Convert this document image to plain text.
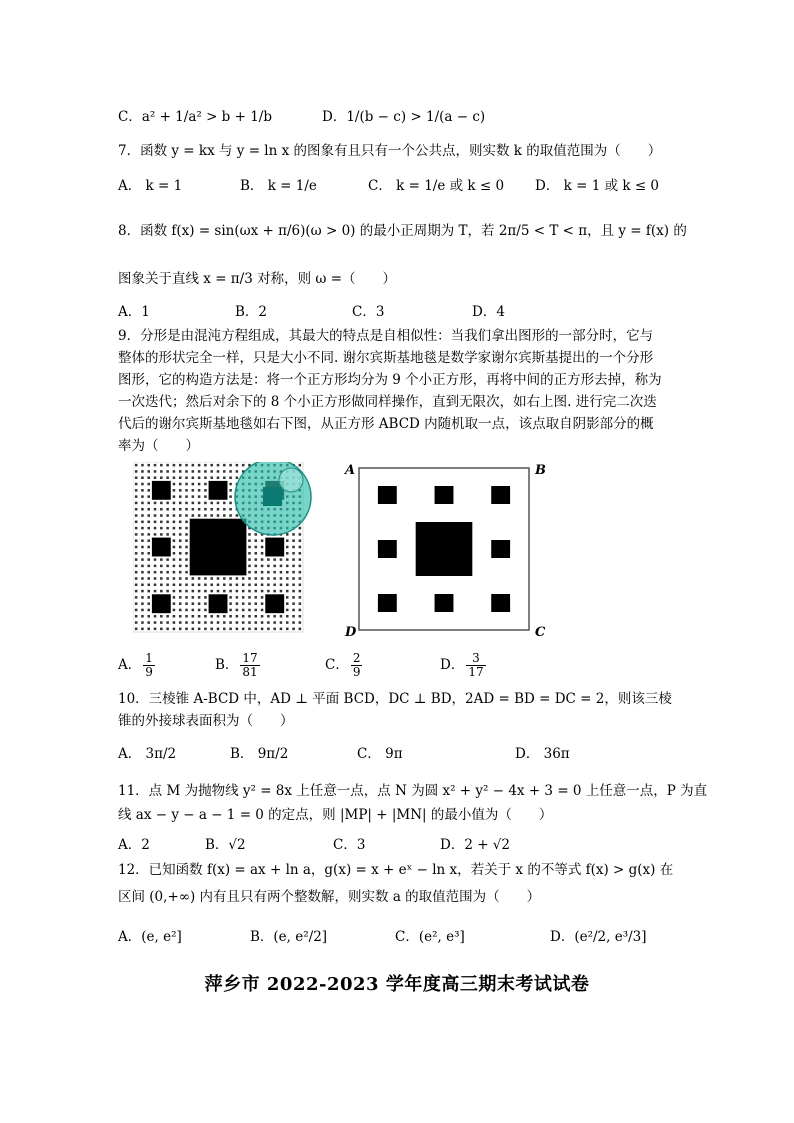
C．a² + 1/a² > b + 1/b	D．1/(b − c) > 1/(a − c)
7．函数 y = kx 与 y = ln x 的图象有且只有一个公共点，则实数 k 的取值范围为（　　）
A． k = 1	B． k = 1/e	C． k = 1/e 或 k ≤ 0 D． k = 1 或 k ≤ 0
8．函数 f(x) = sin(ωx + π/6)(ω > 0) 的最小正周期为 T，若 2π/5 < T < π，且 y = f(x) 的
图象关于直线 x = π/3 对称，则 ω =（　　）
A．1	B．2	C．3	D．4
9．分形是由混沌方程组成，其最大的特点是自相似性：当我们拿出图形的一部分时，它与
整体的形状完全一样，只是大小不同. 谢尔宾斯基地毯是数学家谢尔宾斯基提出的一个分形
图形，它的构造方法是：将一个正方形均分为 9 个小正方形，再将中间的正方形去掉，称为
一次迭代；然后对余下的 8 个小正方形做同样操作，直到无限次，如右上图. 进行完二次迭
代后的谢尔宾斯基地毯如右下图，从正方形 ABCD 内随机取一点，该点取自阴影部分的概
率为（　　）
A	B
D	C
A． $\frac{1}{9}$	B． $\frac{17}{81}$	C． $\frac{2}{9}$	D． $\frac{3}{17}$
10．三棱锥 A-BCD 中，AD ⊥ 平面 BCD，DC ⊥ BD，2AD = BD = DC = 2，则该三棱
锥的外接球表面积为（　　）
A． 3π/2	B． 9π/2	C． 9π	D． 36π
11．点 M 为抛物线 y² = 8x 上任意一点，点 N 为圆 x² + y² − 4x + 3 = 0 上任意一点，P 为直
线 ax − y − a − 1 = 0 的定点，则 |MP| + |MN| 的最小值为（　　）
A．2	B．√2	C．3	D．2 + √2
12．已知函数 f(x) = ax + ln a，g(x) = x + eˣ − ln x，若关于 x 的不等式 f(x) > g(x) 在
区间 (0,+∞) 内有且只有两个整数解，则实数 a 的取值范围为（　　）
A．(e, e²]	B．(e, e²/2]	C．(e², e³]	D．(e²/2, e³/3]
萍乡市 2022-2023 学年度高三期末考试试卷
